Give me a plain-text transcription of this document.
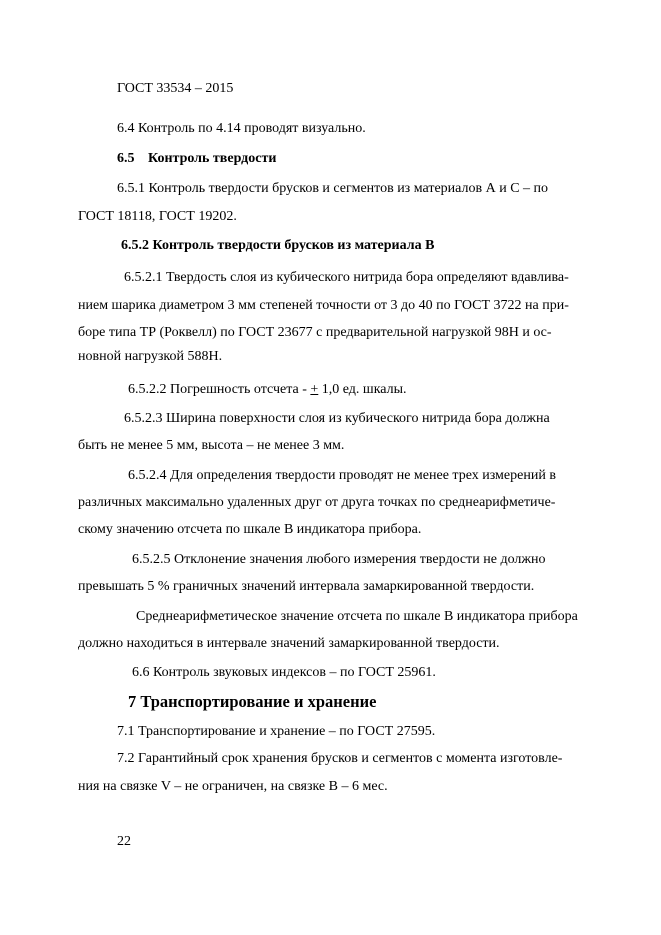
ГОСТ 33534 – 2015
6.4 Контроль по 4.14 проводят визуально.
6.5 Контроль твердости
6.5.1 Контроль твердости брусков и сегментов из материалов А и С – по
ГОСТ 18118, ГОСТ 19202.
6.5.2 Контроль твердости брусков из материала В
6.5.2.1 Твердость слоя из кубического нитрида бора определяют вдавлива-
нием шарика диаметром 3 мм степеней точности от 3 до 40 по ГОСТ 3722 на при-
боре типа ТР (Роквелл) по ГОСТ 23677 с предварительной нагрузкой 98Н и ос-
новной нагрузкой 588Н.
6.5.2.2 Погрешность отсчета - + 1,0 ед. шкалы.
6.5.2.3 Ширина поверхности слоя из кубического нитрида бора должна
быть не менее 5 мм, высота – не менее 3 мм.
6.5.2.4 Для определения твердости проводят не менее трех измерений в
различных максимально удаленных друг от друга точках по среднеарифметиче-
скому значению отсчета по шкале В индикатора прибора.
6.5.2.5 Отклонение значения любого измерения твердости не должно
превышать 5 % граничных значений интервала замаркированной твердости.
Среднеарифметическое значение отсчета по шкале В индикатора прибора
должно находиться в интервале значений замаркированной твердости.
6.6 Контроль звуковых индексов – по ГОСТ 25961.
7 Транспортирование и хранение
7.1 Транспортирование и хранение – по ГОСТ 27595.
7.2 Гарантийный срок хранения брусков и сегментов с момента изготовле-
ния на связке V – не ограничен, на связке В – 6 мес.
22
